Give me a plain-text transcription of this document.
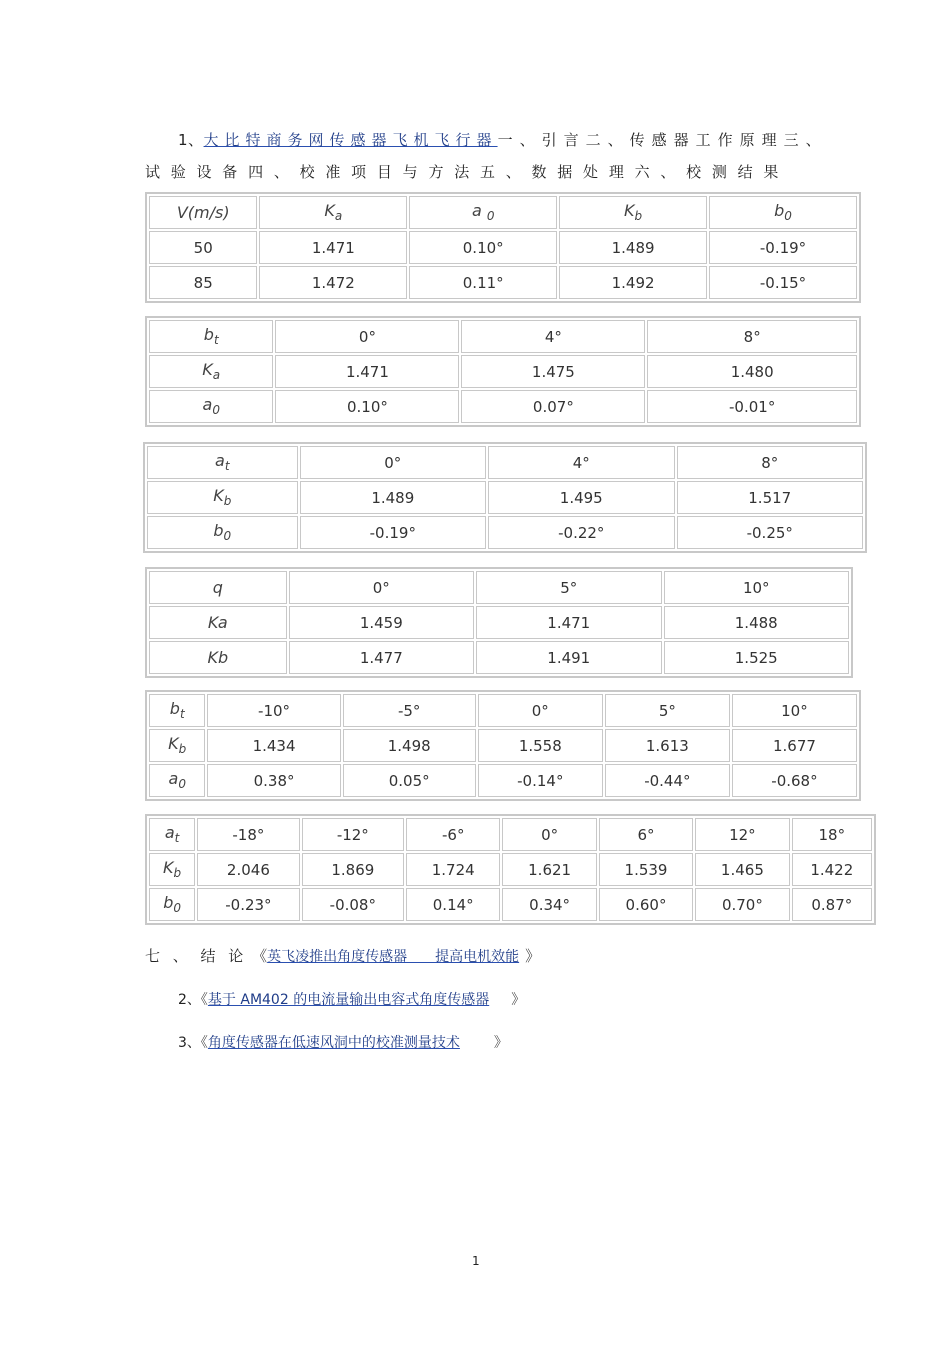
1、大比特商务网传感器飞机飞行器一、引言二、传感器工作原理三、
试 验 设 备 四 、 校 准 项 目 与 方 法 五 、 数 据 处 理 六 、 校 测 结 果
V(m/s)	$K_a$	a $_0$	$K_b$	$b_0$
50	1.471	0.10°	1.489	-0.19°
85	1.472	0.11°	1.492	-0.15°
$b_t$	0°	4°	8°
$K_a$	1.471	1.475	1.480
$a_0$	0.10°	0.07°	-0.01°
$a_t$	0°	4°	8°
$K_b$	1.489	1.495	1.517
$b_0$	-0.19°	-0.22°	-0.25°
q	0°	5°	10°
Ka	1.459	1.471	1.488
Kb	1.477	1.491	1.525
$b_t$	-10°	-5°	0°	5°	10°
$K_b$	1.434	1.498	1.558	1.613	1.677
$a_0$	0.38°	0.05°	-0.14°	-0.44°	-0.68°
$a_t$	-18°	-12°	-6°	0°	6°	12°	18°
$K_b$	2.046	1.869	1.724	1.621	1.539	1.465	1.422
$b_0$	-0.23°	-0.08°	0.14°	0.34°	0.60°	0.70°	0.87°
七 、 结 论 《英飞凌推出角度传感器　　提高电机效能 》
2、《基于 AM402 的电流量输出电容式角度传感器 》
3、《角度传感器在低速风洞中的校准测量技术 》
1
